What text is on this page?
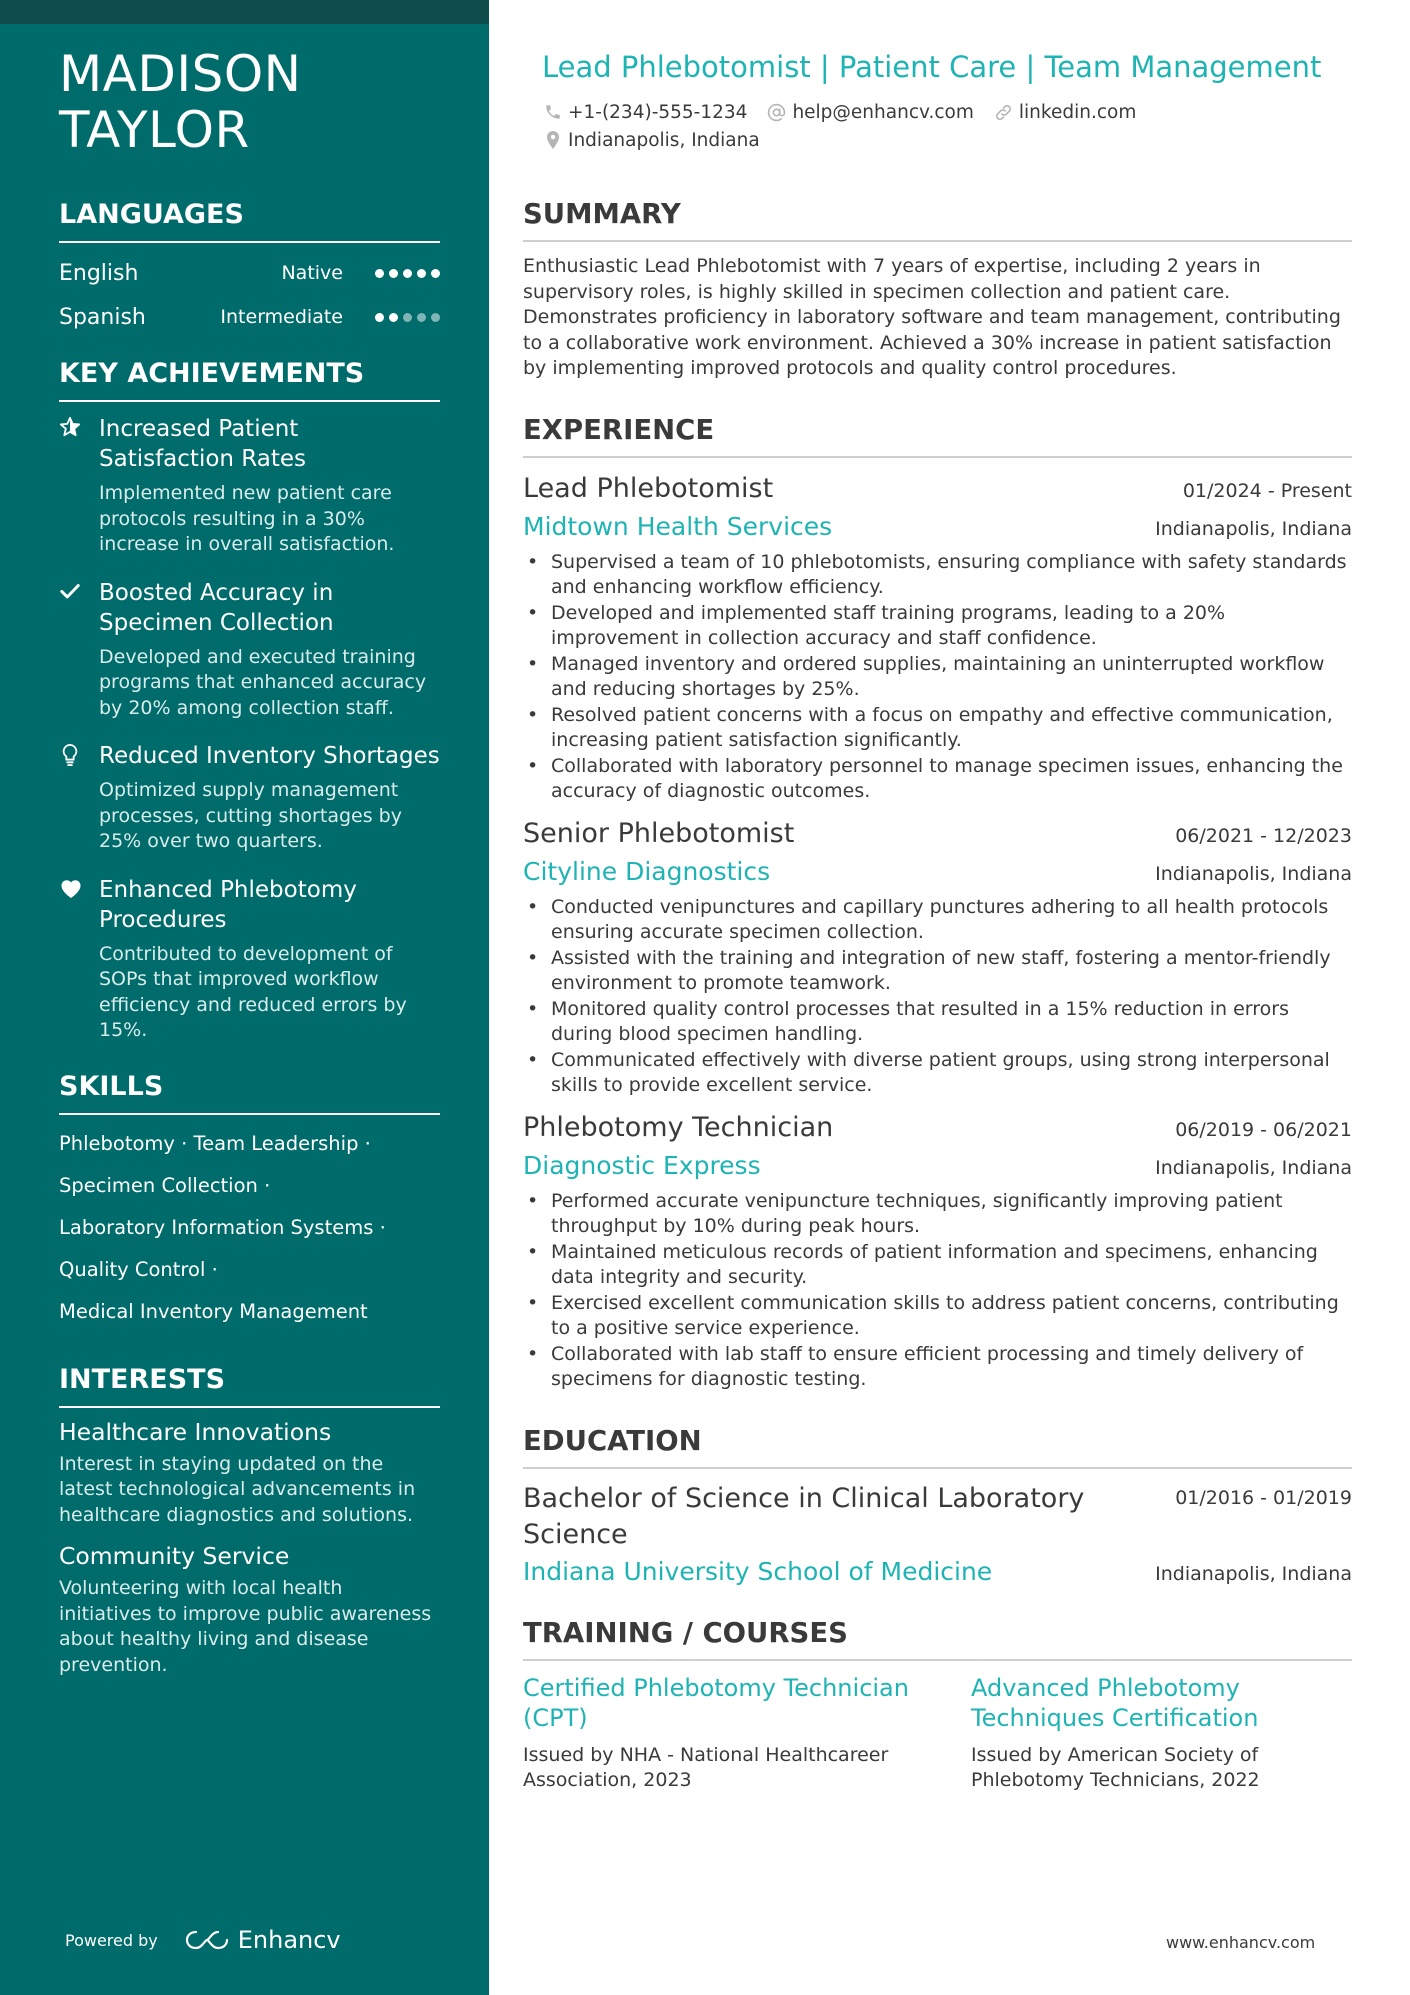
MADISON
TAYLOR
LANGUAGES
English	Native
Spanish	Intermediate
KEY ACHIEVEMENTS
Increased Patient Satisfaction Rates
Implemented new patient care protocols resulting in a 30% increase in overall satisfaction.
Boosted Accuracy in Specimen Collection
Developed and executed training programs that enhanced accuracy by 20% among collection staff.
Reduced Inventory Shortages
Optimized supply management processes, cutting shortages by 25% over two quarters.
Enhanced Phlebotomy Procedures
Contributed to development of SOPs that improved workflow efficiency and reduced errors by 15%.
SKILLS
Phlebotomy · Team Leadership ·
Specimen Collection ·
Laboratory Information Systems ·
Quality Control ·
Medical Inventory Management
INTERESTS
Healthcare Innovations
Interest in staying updated on the latest technological advancements in healthcare diagnostics and solutions.
Community Service
Volunteering with local health initiatives to improve public awareness about healthy living and disease prevention.
Powered by	Enhancv
Lead Phlebotomist | Patient Care | Team Management
+1-(234)-555-1234 help@enhancv.com linkedin.com
Indianapolis, Indiana
SUMMARY

Enthusiastic Lead Phlebotomist with 7 years of expertise, including 2 years in supervisory roles, is highly skilled in specimen collection and patient care. Demonstrates proficiency in laboratory software and team management, contributing to a collaborative work environment. Achieved a 30% increase in patient satisfaction by implementing improved protocols and quality control procedures.

EXPERIENCE
Lead Phlebotomist	01/2024 - Present
Midtown Health Services	Indianapolis, Indiana
• Supervised a team of 10 phlebotomists, ensuring compliance with safety standards and enhancing workflow efficiency.
• Developed and implemented staff training programs, leading to a 20% improvement in collection accuracy and staff confidence.
• Managed inventory and ordered supplies, maintaining an uninterrupted workflow and reducing shortages by 25%.
• Resolved patient concerns with a focus on empathy and effective communication, increasing patient satisfaction significantly.
• Collaborated with laboratory personnel to manage specimen issues, enhancing the accuracy of diagnostic outcomes.
Senior Phlebotomist	06/2021 - 12/2023
Cityline Diagnostics	Indianapolis, Indiana
• Conducted venipunctures and capillary punctures adhering to all health protocols ensuring accurate specimen collection.
• Assisted with the training and integration of new staff, fostering a mentor-friendly environment to promote teamwork.
• Monitored quality control processes that resulted in a 15% reduction in errors during blood specimen handling.
• Communicated effectively with diverse patient groups, using strong interpersonal skills to provide excellent service.
Phlebotomy Technician	06/2019 - 06/2021
Diagnostic Express	Indianapolis, Indiana
• Performed accurate venipuncture techniques, significantly improving patient throughput by 10% during peak hours.
• Maintained meticulous records of patient information and specimens, enhancing data integrity and security.
• Exercised excellent communication skills to address patient concerns, contributing to a positive service experience.
• Collaborated with lab staff to ensure efficient processing and timely delivery of specimens for diagnostic testing.
EDUCATION
Bachelor of Science in Clinical Laboratory Science
01/2016 - 01/2019
Indiana University School of Medicine	Indianapolis, Indiana
TRAINING / COURSES
Certified Phlebotomy Technician (CPT)
Issued by NHA - National Healthcareer Association, 2023
Advanced Phlebotomy Techniques Certification
Issued by American Society of Phlebotomy Technicians, 2022
www.enhancv.com
